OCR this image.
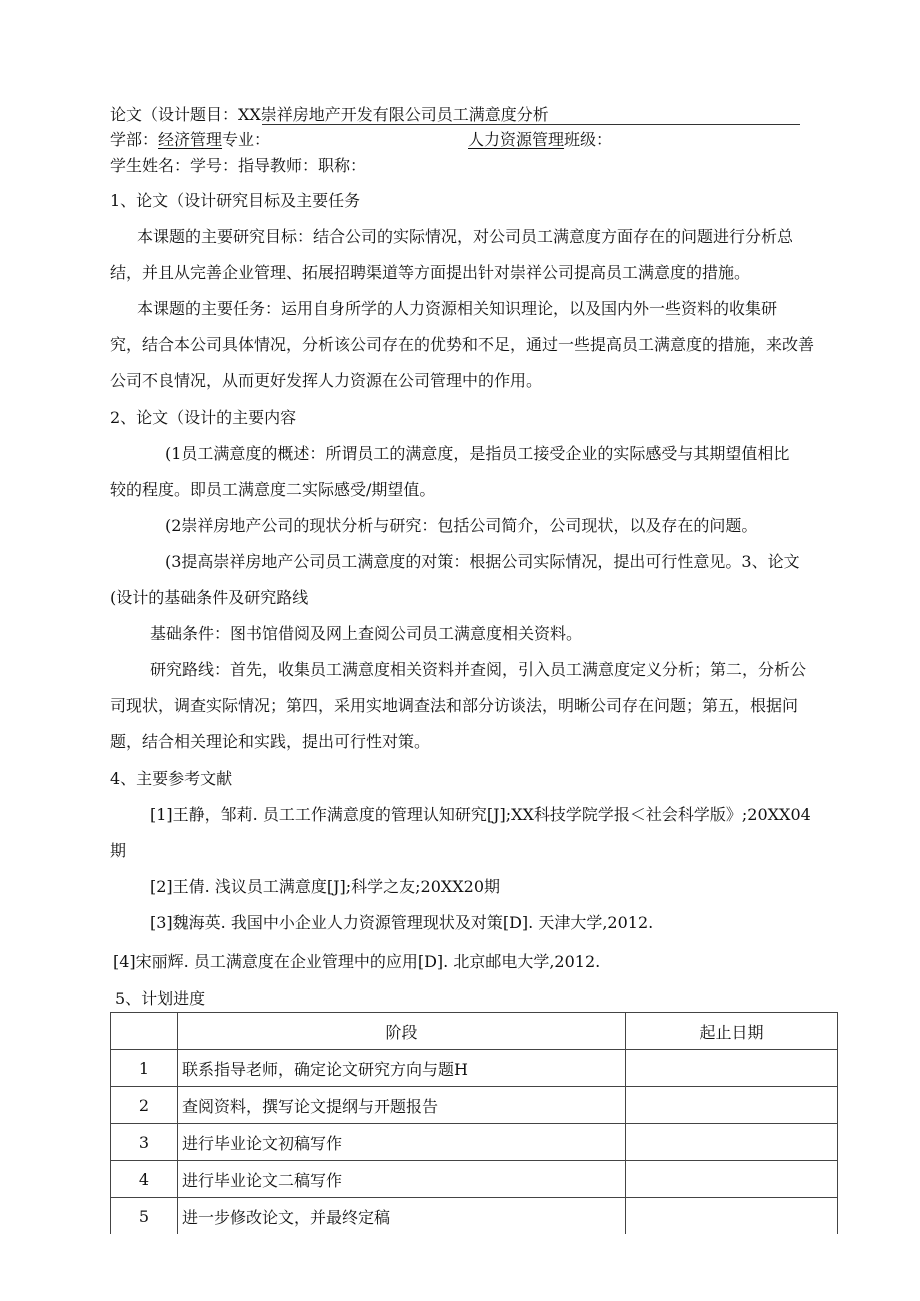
论文（设计题目：XX崇祥房地产开发有限公司员工满意度分析
学部：经济管理专业：	人力资源管理班级：
学生姓名：学号：指导教师：职称：
1、论文（设计研究目标及主要任务
本课题的主要研究目标：结合公司的实际情况，对公司员工满意度方面存在的问题进行分析总
结，并且从完善企业管理、拓展招聘渠道等方面提出针对崇祥公司提高员工满意度的措施。
本课题的主要任务：运用自身所学的人力资源相关知识理论，以及国内外一些资料的收集研
究，结合本公司具体情况，分析该公司存在的优势和不足，通过一些提高员工满意度的措施，来改善
公司不良情况，从而更好发挥人力资源在公司管理中的作用。
2、论文（设计的主要内容
(1员工满意度的概述：所谓员工的满意度，是指员工接受企业的实际感受与其期望值相比
较的程度。即员工满意度二实际感受/期望值。
(2崇祥房地产公司的现状分析与研究：包括公司简介，公司现状，以及存在的问题。
(3提高崇祥房地产公司员工满意度的对策：根据公司实际情况，提出可行性意见。3、论文
(设计的基础条件及研究路线
基础条件：图书馆借阅及网上查阅公司员工满意度相关资料。
研究路线：首先，收集员工满意度相关资料并查阅，引入员工满意度定义分析；第二，分析公
司现状，调查实际情况；第四，采用实地调查法和部分访谈法，明晰公司存在问题；第五，根据问
题，结合相关理论和实践，提出可行性对策。
4、主要参考文献
[1]王静，邹莉. 员工工作满意度的管理认知研究[J];XX科技学院学报＜社会科学版》;20XX04
期
[2]王倩. 浅议员工满意度[J];科学之友;20XX20期
[3]魏海英. 我国中小企业人力资源管理现状及对策[D]. 天津大学,2012.
[4]宋丽辉. 员工满意度在企业管理中的应用[D]. 北京邮电大学,2012.
5、计划进度
	阶段	起止日期
1	联系指导老师，确定论文研究方向与题H	
2	查阅资料，撰写论文提纲与开题报告	
3	进行毕业论文初稿写作	
4	进行毕业论文二稿写作	
5	进一步修改论文，并最终定稿	
